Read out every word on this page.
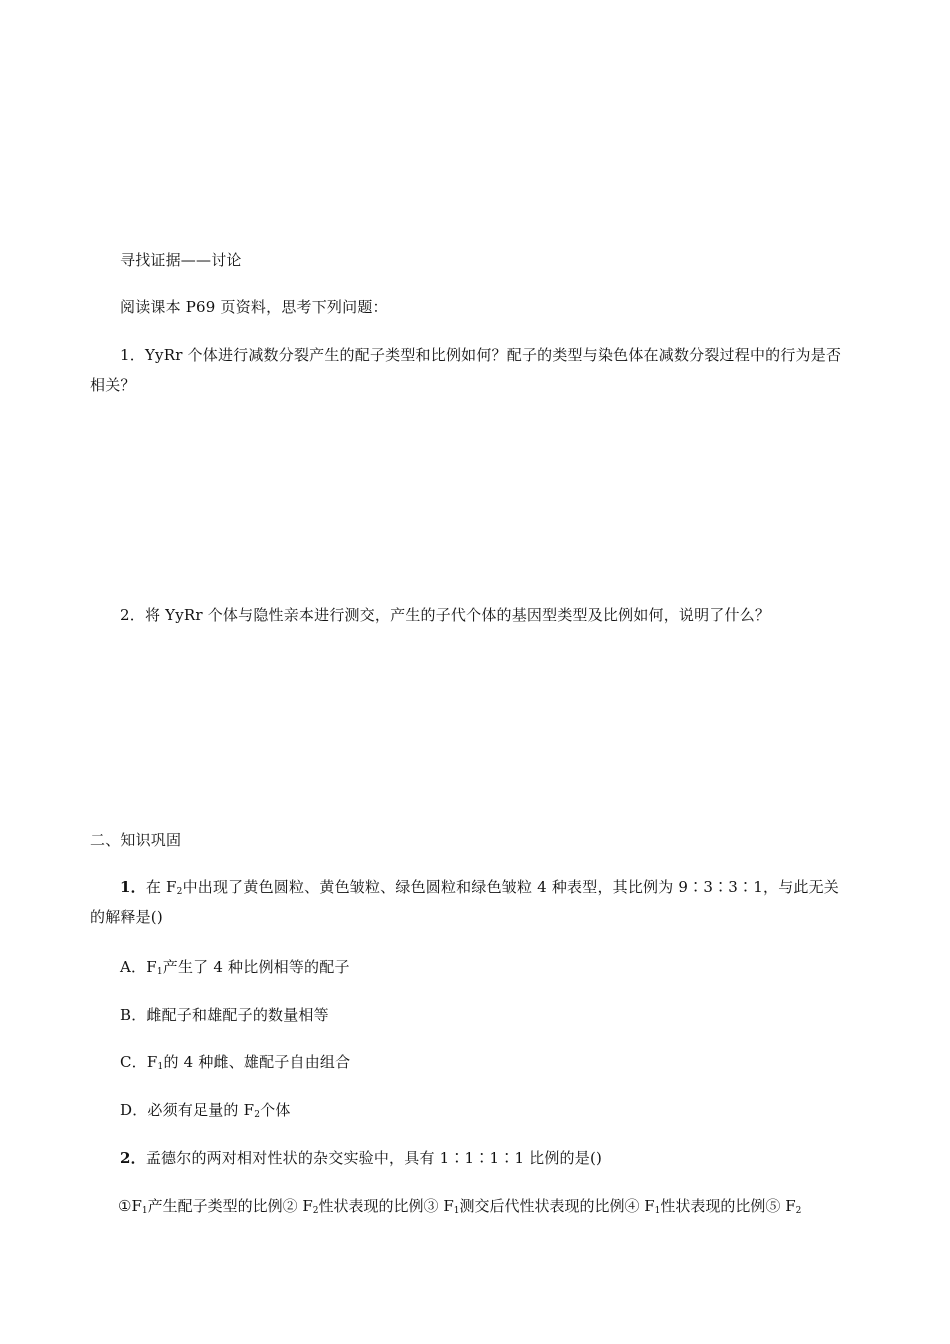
寻找证据——讨论
阅读课本 P69 页资料，思考下列问题：
1．YyRr 个体进行减数分裂产生的配子类型和比例如何？配子的类型与染色体在减数分裂过程中的行为是否相关？
2．将 YyRr 个体与隐性亲本进行测交，产生的子代个体的基因型类型及比例如何，说明了什么？
二、知识巩固
1．在 $F_2$中出现了黄色圆粒、黄色皱粒、绿色圆粒和绿色皱粒 4 种表型，其比例为 9∶3∶3∶1，与此无关的解释是()
A．$F_1$产生了 4 种比例相等的配子
B．雌配子和雄配子的数量相等
C．$F_1$的 4 种雌、雄配子自由组合
D．必须有足量的 $F_2$个体
2．孟德尔的两对相对性状的杂交实验中，具有 1∶1∶1∶1 比例的是()
$①F_1$产生配子类型的比例② $F_2$性状表现的比例③ $F_1$测交后代性状表现的比例④ $F_1$性状表现的比例⑤ $F_2$
